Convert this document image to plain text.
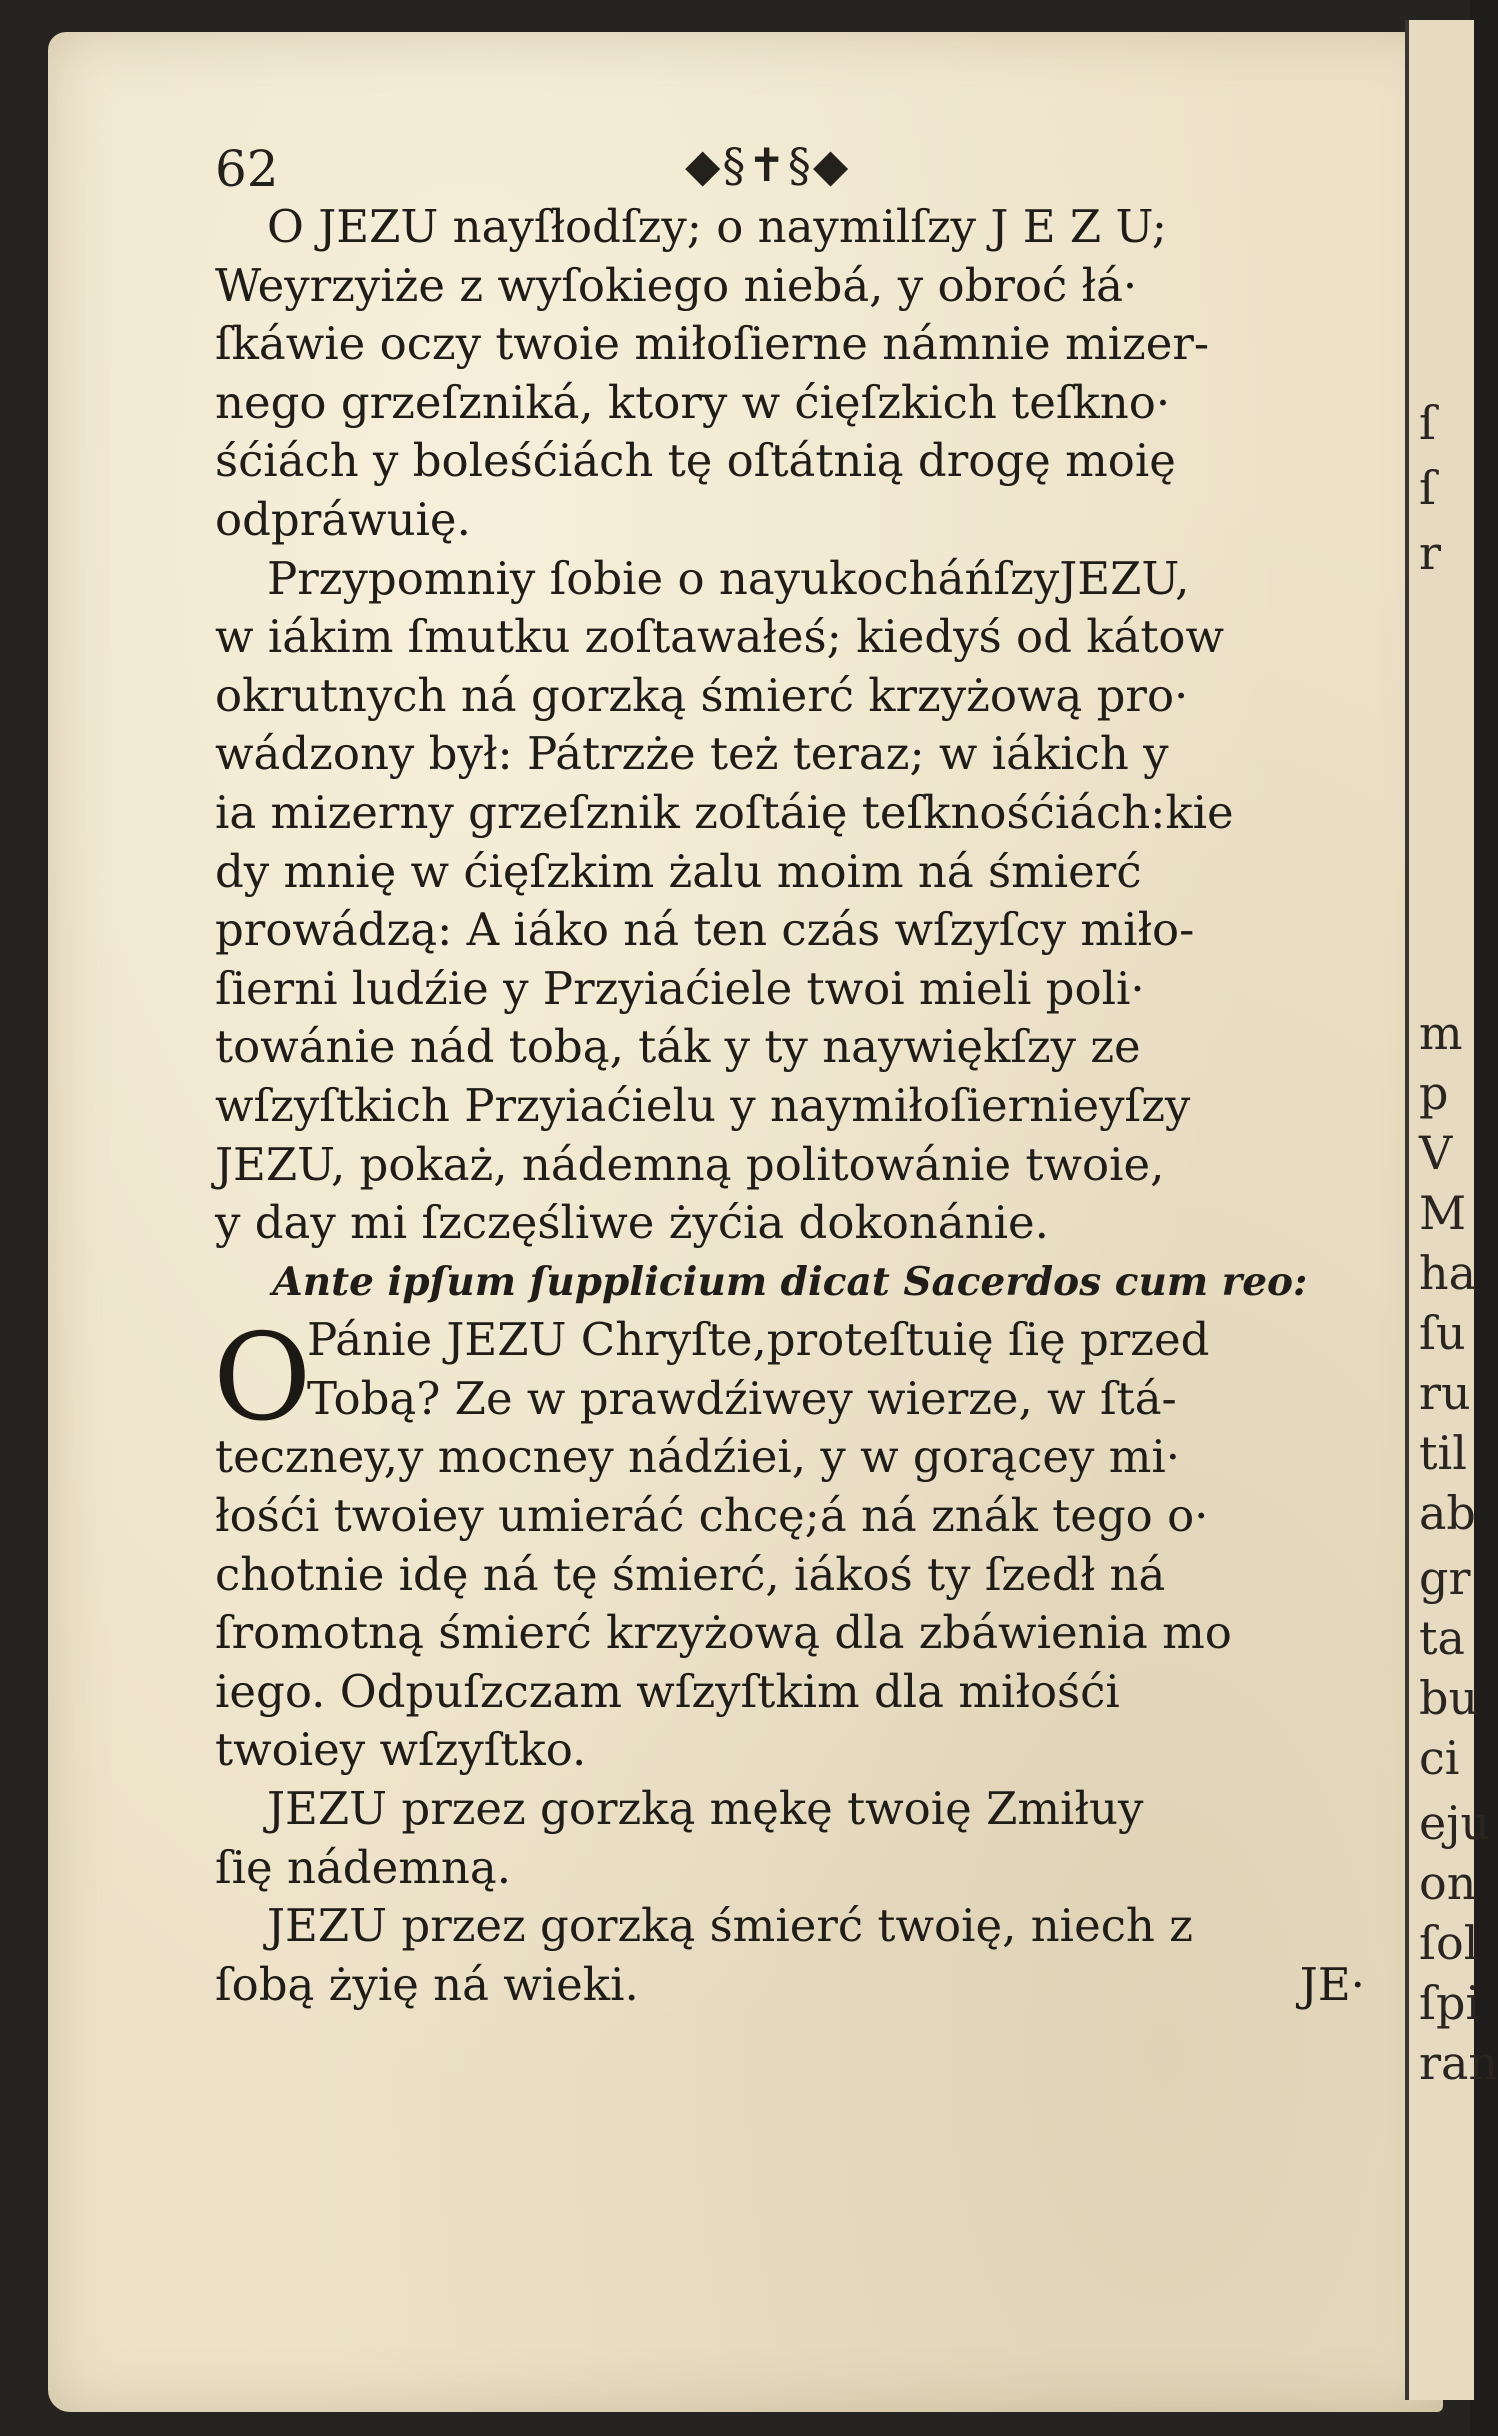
ſ
ſ
r
m
p
V
M
ha
ſu
ru
til
ab
gr
ta
bu
ci
eju
on
ſol
ſpi
ran
62	◆§✝§◆
O JEZU nayſłodſzy; o naymilſzy J E Z U;
Weyrzyiże z wyſokiego niebá, y obroć łá·
ſkáwie oczy twoie miłoſierne námnie mizer-
nego grzeſzniká, ktory w ćięſzkich teſkno·
śćiách y boleśćiách tę oſtátnią drogę moię
odpráwuię.
Przypomniy ſobie o nayukocháńſzyJEZU,
w iákim ſmutku zoſtawałeś; kiedyś od kátow
okrutnych ná gorzką śmierć krzyżową pro·
wádzony był: Pátrzże też teraz; w iákich y
ia mizerny grzeſznik zoſtáię teſknośćiách:kie
dy mnię w ćięſzkim żalu moim ná śmierć
prowádzą: A iáko ná ten czás wſzyſcy miło-
ſierni ludźie y Przyiaćiele twoi mieli poli·
towánie nád tobą, ták y ty naywiękſzy ze
wſzyſtkich Przyiaćielu y naymiłoſiernieyſzy
JEZU, pokaż, nádemną politowánie twoie,
y day mi ſzczęśliwe żyćia dokonánie.
Ante ipſum ſupplicium dicat Sacerdos cum reo:
O
Pánie JEZU Chryſte,proteſtuię ſię przed
Tobą? Ze w prawdźiwey wierze, w ſtá-
teczney,y mocney nádźiei, y w gorącey mi·
łośći twoiey umieráć chcę;á ná znák tego o·
chotnie idę ná tę śmierć, iákoś ty ſzedł ná
ſromotną śmierć krzyżową dla zbáwienia mo
iego. Odpuſzczam wſzyſtkim dla miłośći
twoiey wſzyſtko.
JEZU przez gorzką mękę twoię Zmiłuy
ſię nádemną.
JEZU przez gorzką śmierć twoię, niech z
ſobą żyię ná wieki.	JE·
